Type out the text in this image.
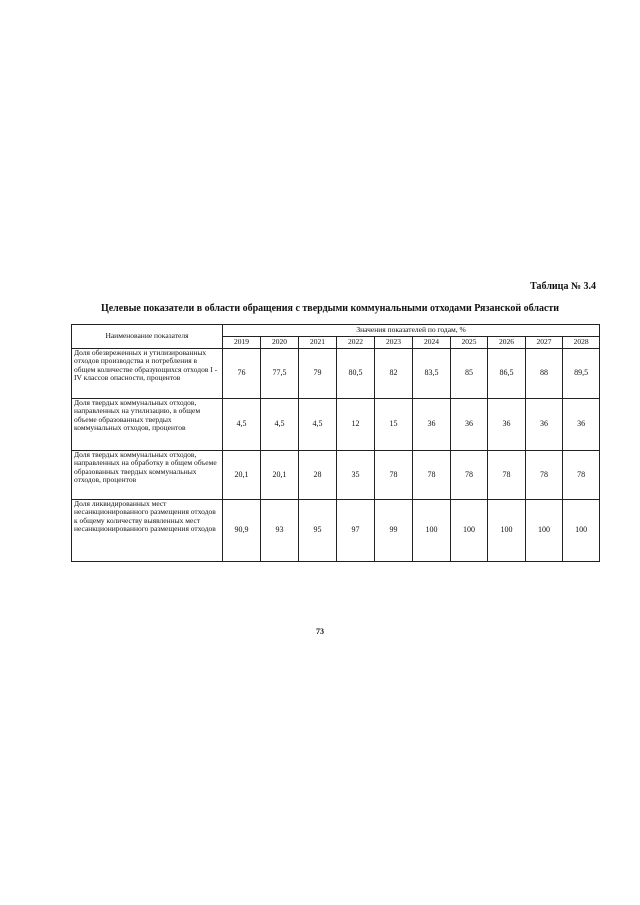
Таблица № 3.4
Целевые показатели в области обращения с твердыми коммунальными отходами Рязанской области
Наименование показателя	Значения показателей по годам, %									
	2019	2020	2021	2022	2023	2024	2025	2026	2027	2028
Доля обезвреженных и утилизированных отходов производства и потребления в общем количестве образующихся отходов I - IV классов опасности, процентов	76	77,5	79	80,5	82	83,5	85	86,5	88	89,5
Доля твердых коммунальных отходов, направленных на утилизацию, в общем объеме образованных твердых коммунальных отходов, процентов	4,5	4,5	4,5	12	15	36	36	36	36	36
Доля твердых коммунальных отходов, направленных на обработку в общем объеме образованных твердых коммунальных отходов, процентов	20,1	20,1	28	35	78	78	78	78	78	78
Доля ликвидированных мест несанкционированного размещения отходов к общему количеству выявленных мест несанкционированного размещения отходов	90,9	93	95	97	99	100	100	100	100	100
73
